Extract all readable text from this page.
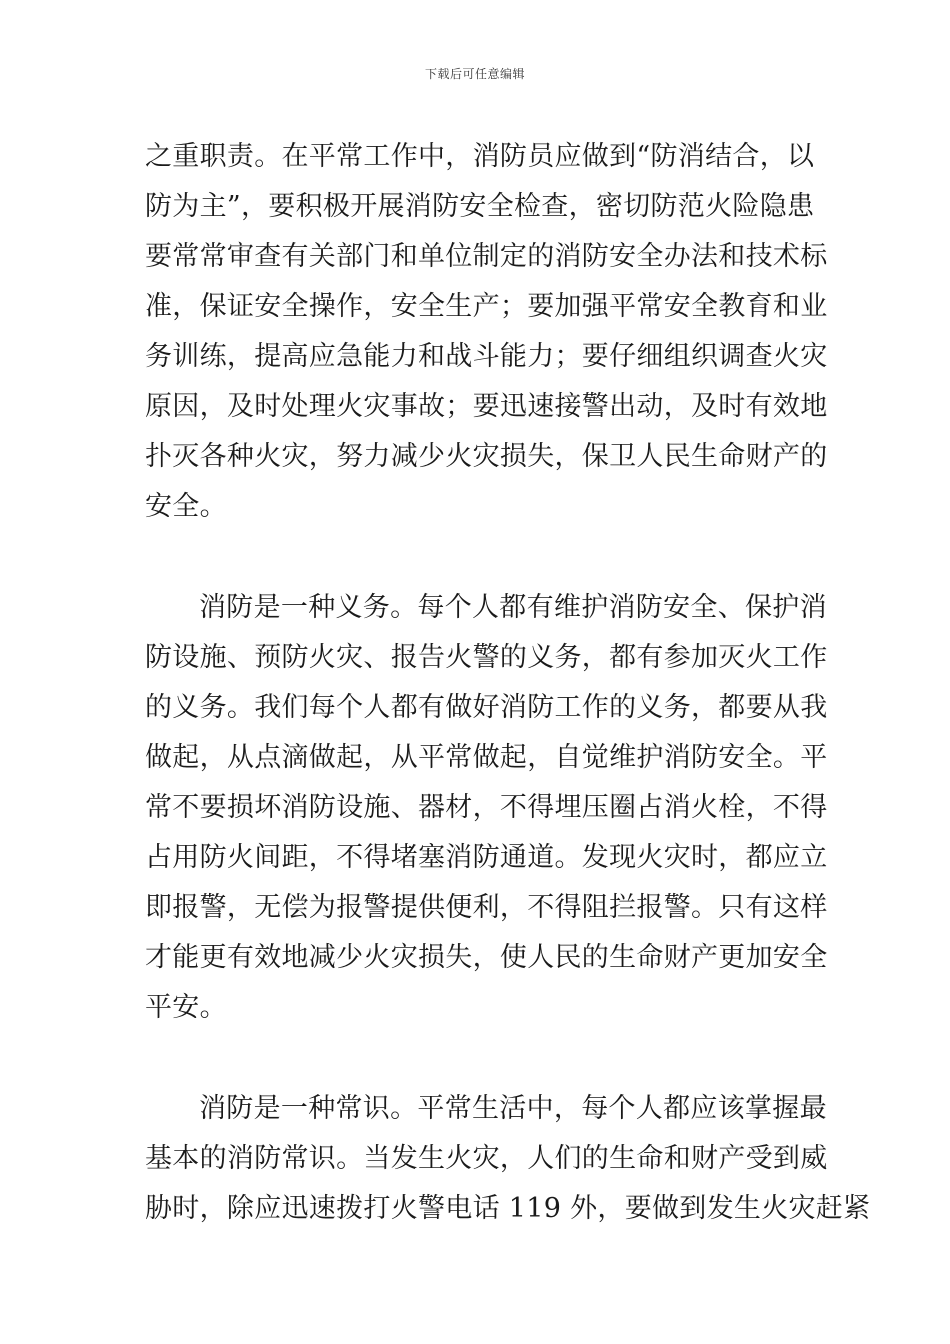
下载后可任意编辑
之重职责。在平常工作中，消防员应做到“防消结合，以
防为主”，要积极开展消防安全检查，密切防范火险隐患
要常常审查有关部门和单位制定的消防安全办法和技术标
准，保证安全操作，安全生产；要加强平常安全教育和业
务训练，提高应急能力和战斗能力；要仔细组织调查火灾
原因，及时处理火灾事故；要迅速接警出动，及时有效地
扑灭各种火灾，努力减少火灾损失，保卫人民生命财产的
安全。
消防是一种义务。每个人都有维护消防安全、保护消
防设施、预防火灾、报告火警的义务，都有参加灭火工作
的义务。我们每个人都有做好消防工作的义务，都要从我
做起，从点滴做起，从平常做起，自觉维护消防安全。平
常不要损坏消防设施、器材，不得埋压圈占消火栓，不得
占用防火间距，不得堵塞消防通道。发现火灾时，都应立
即报警，无偿为报警提供便利，不得阻拦报警。只有这样
才能更有效地减少火灾损失，使人民的生命财产更加安全
平安。
消防是一种常识。平常生活中，每个人都应该掌握最
基本的消防常识。当发生火灾，人们的生命和财产受到威
胁时，除应迅速拨打火警电话 119 外，要做到发生火灾赶紧
